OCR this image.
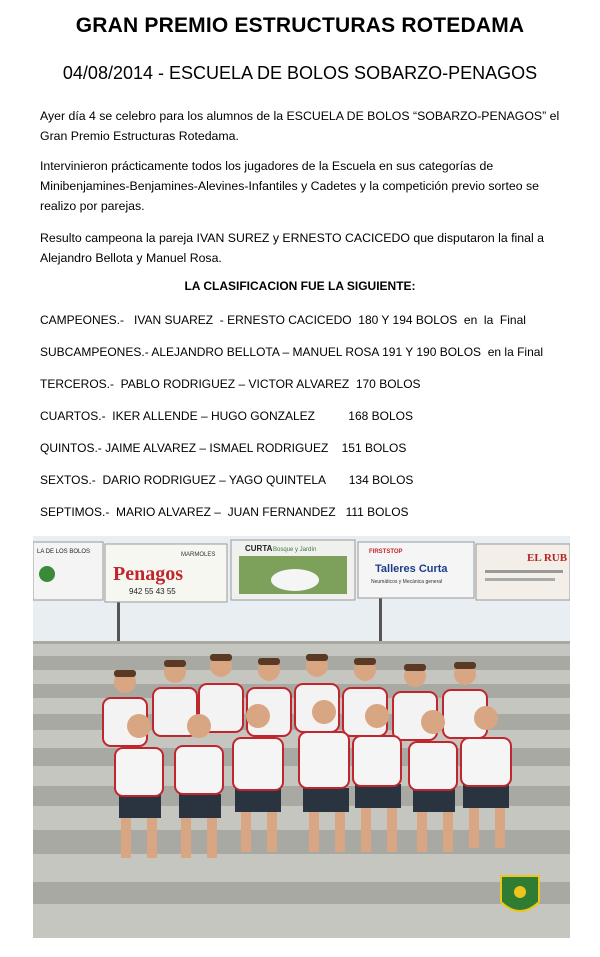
GRAN PREMIO ESTRUCTURAS ROTEDAMA
04/08/2014 - ESCUELA DE BOLOS SOBARZO-PENAGOS

Ayer día 4 se celebro para los alumnos de la ESCUELA DE BOLOS “SOBARZO-PENAGOS” el Gran Premio Estructuras Rotedama.

Intervinieron prácticamente todos los jugadores de la Escuela en sus categorías de Minibenjamines-Benjamines-Alevines-Infantiles y Cadetes y la competición previo sorteo se realizo por parejas.

Resulto campeona la pareja IVAN SUREZ y ERNESTO CACICEDO que disputaron la final a Alejandro Bellota y Manuel Rosa.

LA CLASIFICACION FUE LA SIGUIENTE:

CAMPEONES.-   IVAN SUAREZ  - ERNESTO CACICEDO  180 Y 194 BOLOS  en  la  Final

SUBCAMPEONES.- ALEJANDRO BELLOTA – MANUEL ROSA 191 Y 190 BOLOS  en la Final

TERCEROS.-  PABLO RODRIGUEZ – VICTOR ALVAREZ  170 BOLOS

CUARTOS.-  IKER ALLENDE – HUGO GONZALEZ          168 BOLOS

QUINTOS.- JAIME ALVAREZ – ISMAEL RODRIGUEZ    151 BOLOS

SEXTOS.-  DARIO RODRIGUEZ – YAGO QUINTELA       134 BOLOS

SEPTIMOS.-  MARIO ALVAREZ –  JUAN FERNANDEZ   111 BOLOS

LA DE LOS BOLOS	MARMOLES
Penagos
942 55 43 55
CURTA Bosque y Jardín	FIRSTSTOP
Talleres Curta
Neumáticos y Mecánica general
EL RUB
